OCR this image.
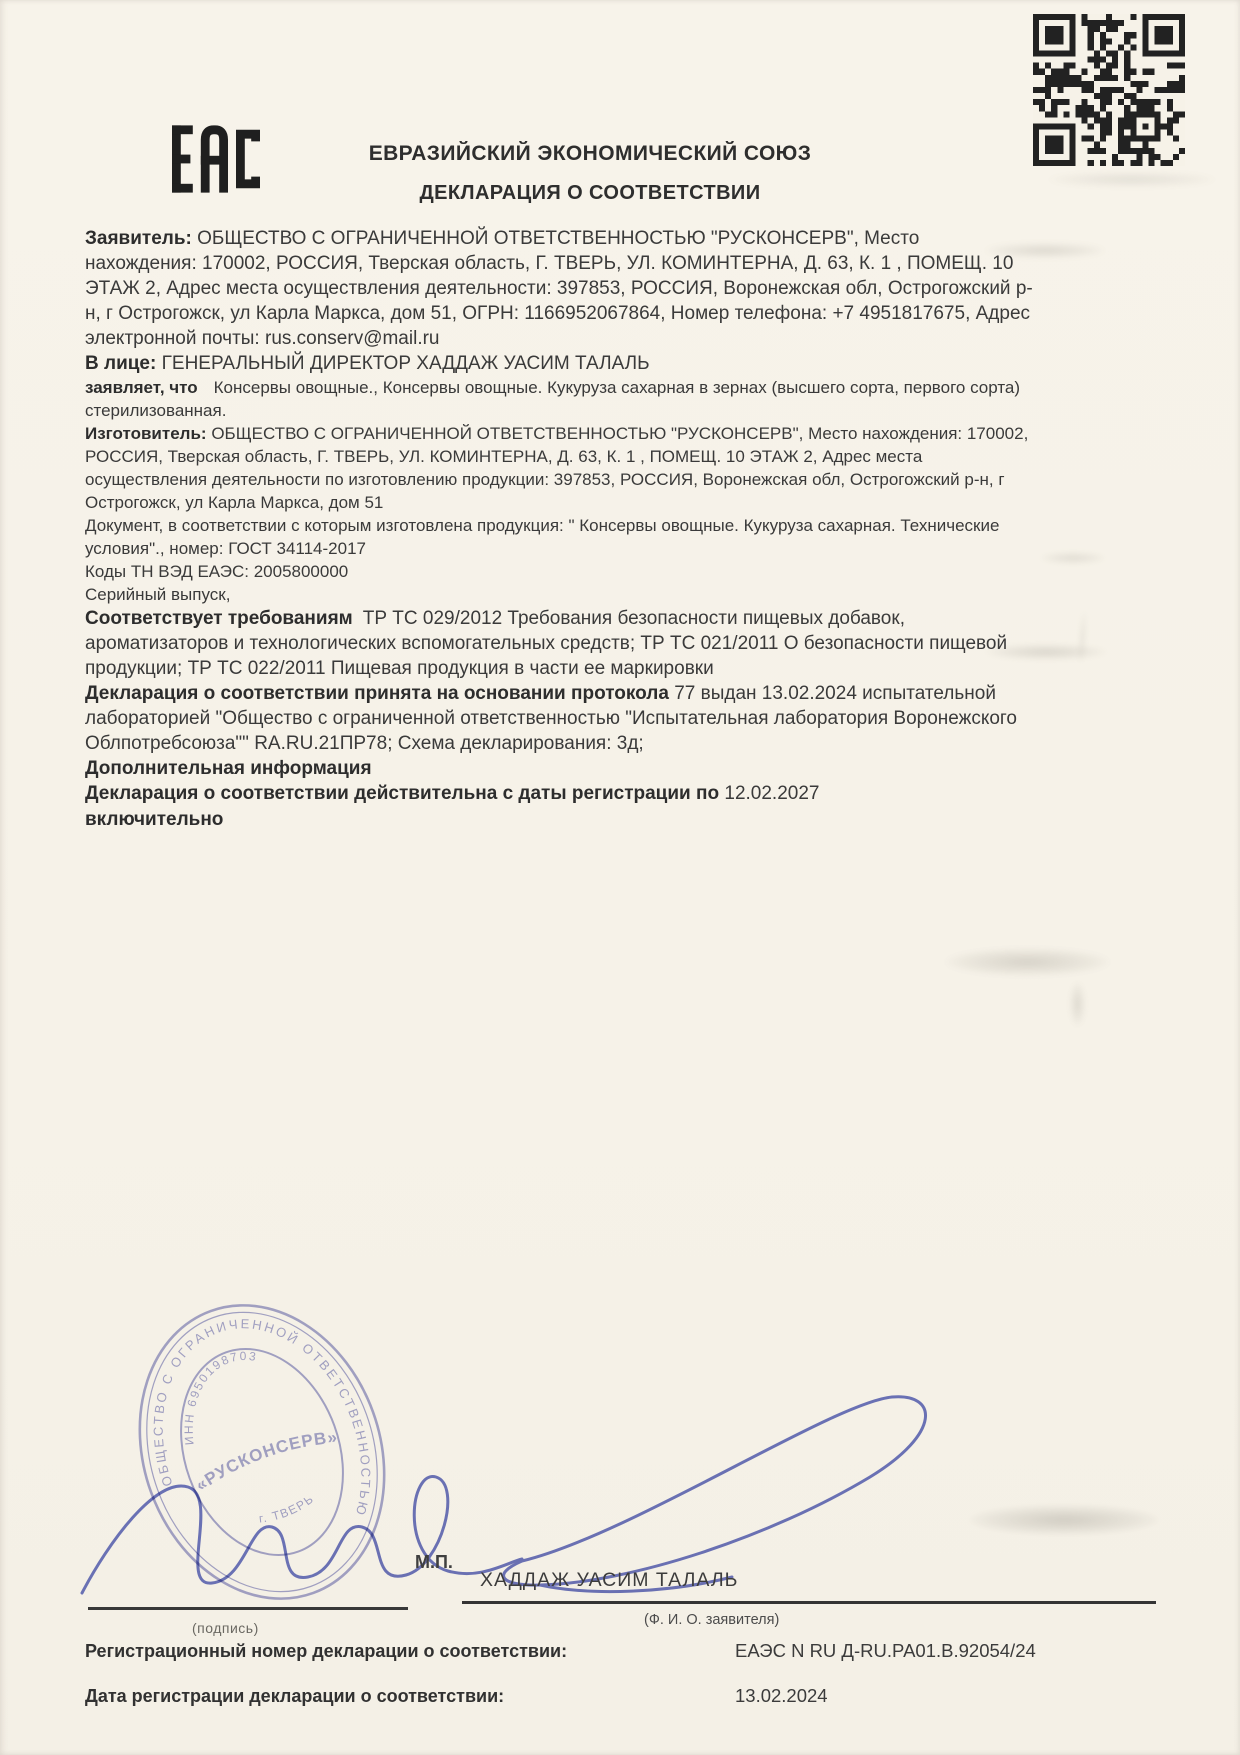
ЕВРАЗИЙСКИЙ ЭКОНОМИЧЕСКИЙ СОЮЗ
ДЕКЛАРАЦИЯ О СООТВЕТСТВИИ

Заявитель: ОБЩЕСТВО С ОГРАНИЧЕННОЙ ОТВЕТСТВЕННОСТЬЮ "РУСКОНСЕРВ", Место нахождения: 170002, РОССИЯ, Тверская область, Г. ТВЕРЬ, УЛ. КОМИНТЕРНА, Д. 63, К. 1 , ПОМЕЩ. 10 ЭТАЖ 2, Адрес места осуществления деятельности: 397853, РОССИЯ, Воронежская обл, Острогожский р-н, г Острогожск, ул Карла Маркса, дом 51, ОГРН: 1166952067864, Номер телефона: +7 4951817675, Адрес электронной почты: rus.conserv@mail.ru

В лице: ГЕНЕРАЛЬНЫЙ ДИРЕКТОР ХАДДАЖ УАСИМ ТАЛАЛЬ

заявляет, что Консервы овощные., Консервы овощные. Кукуруза сахарная в зернах (высшего сорта, первого сорта) стерилизованная.

Изготовитель: ОБЩЕСТВО С ОГРАНИЧЕННОЙ ОТВЕТСТВЕННОСТЬЮ "РУСКОНСЕРВ", Место нахождения: 170002, РОССИЯ, Тверская область, Г. ТВЕРЬ, УЛ. КОМИНТЕРНА, Д. 63, К. 1 , ПОМЕЩ. 10 ЭТАЖ 2, Адрес места осуществления деятельности по изготовлению продукции: 397853, РОССИЯ, Воронежская обл, Острогожский р-н, г Острогожск, ул Карла Маркса, дом 51

Документ, в соответствии с которым изготовлена продукция: " Консервы овощные. Кукуруза сахарная. Технические условия"., номер: ГОСТ 34114-2017

Коды ТН ВЭД ЕАЭС: 2005800000

Серийный выпуск,

Соответствует требованиям ТР ТС 029/2012 Требования безопасности пищевых добавок, ароматизаторов и технологических вспомогательных средств; ТР ТС 021/2011 О безопасности пищевой продукции; ТР ТС 022/2011 Пищевая продукция в части ее маркировки

Декларация о соответствии принята на основании протокола 77 выдан 13.02.2024 испытательной лабораторией "Общество с ограниченной ответственностью "Испытательная лаборатория Воронежского Облпотребсоюза"" RA.RU.21ПР78; Схема декларирования: 3д;

Дополнительная информация

Декларация о соответствии действительна с даты регистрации по 12.02.2027
включительно

ОБЩЕСТВО С ОГРАНИЧЕННОЙ ОТВЕТСТВЕННОСТЬЮ
ИНН 6950198703
«РУСКОНСЕРВ»
г. ТВЕРЬ
М.П.
(подпись)
ХАДДАЖ УАСИМ ТАЛАЛЬ
(Ф. И. О. заявителя)
Регистрационный номер декларации о соответствии:	ЕАЭС N RU Д-RU.РА01.В.92054/24
Дата регистрации декларации о соответствии:	13.02.2024
